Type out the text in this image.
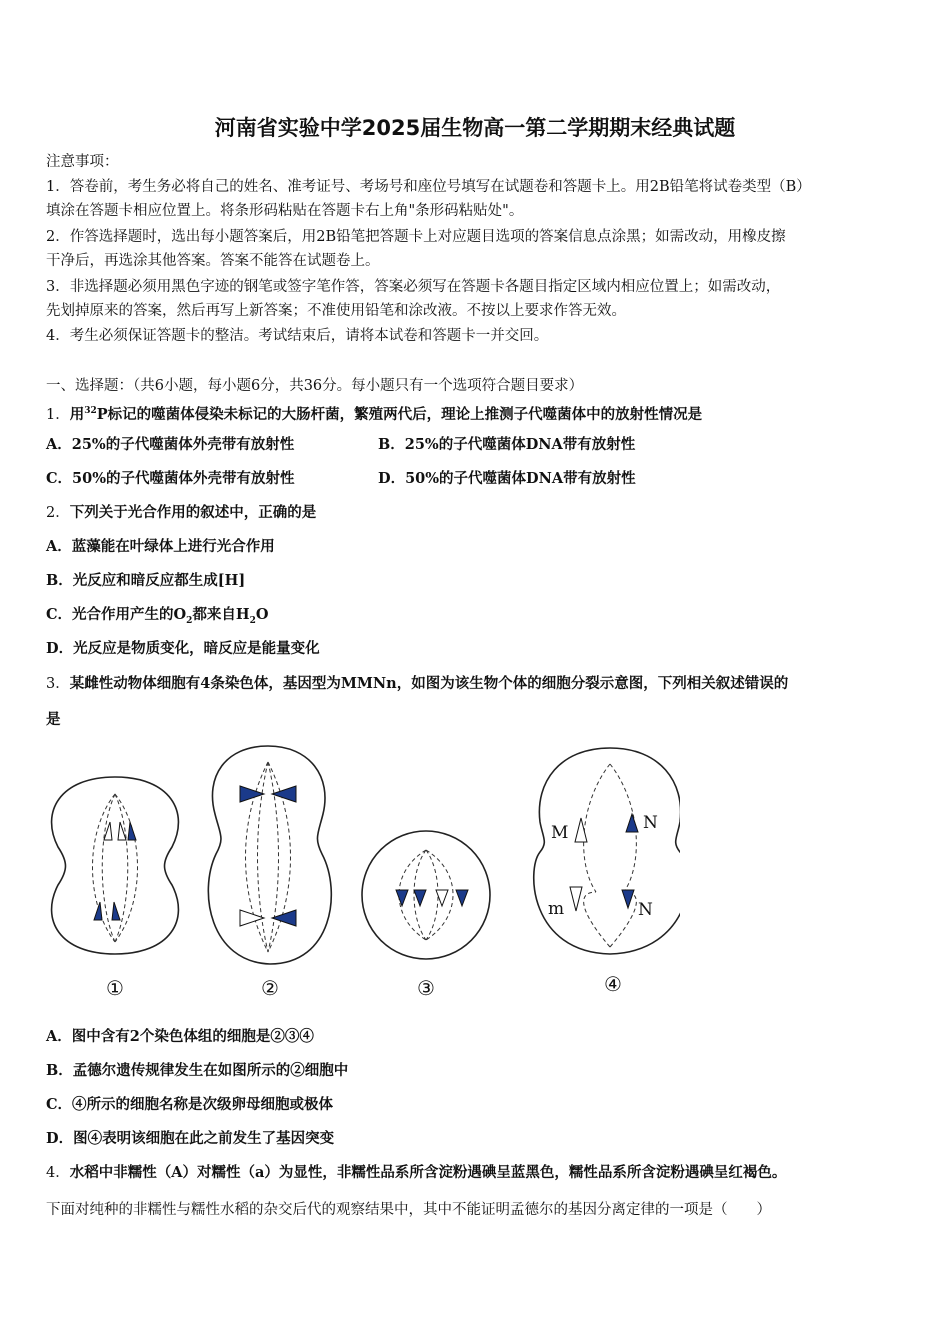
河南省实验中学2025届生物高一第二学期期末经典试题
注意事项：
1．答卷前，考生务必将自己的姓名、准考证号、考场号和座位号填写在试题卷和答题卡上。用2B铅笔将试卷类型（B）
填涂在答题卡相应位置上。将条形码粘贴在答题卡右上角"条形码粘贴处"。
2．作答选择题时，选出每小题答案后，用2B铅笔把答题卡上对应题目选项的答案信息点涂黑；如需改动，用橡皮擦
干净后，再选涂其他答案。答案不能答在试题卷上。
3．非选择题必须用黑色字迹的钢笔或签字笔作答，答案必须写在答题卡各题目指定区域内相应位置上；如需改动，
先划掉原来的答案，然后再写上新答案；不准使用铅笔和涂改液。不按以上要求作答无效。
4．考生必须保证答题卡的整洁。考试结束后，请将本试卷和答题卡一并交回。
一、选择题：（共6小题，每小题6分，共36分。每小题只有一个选项符合题目要求）
1．用$^{32}$P标记的噬菌体侵染未标记的大肠杆菌，繁殖两代后，理论上推测子代噬菌体中的放射性情况是
A．25%的子代噬菌体外壳带有放射性	B．25%的子代噬菌体DNA带有放射性
C．50%的子代噬菌体外壳带有放射性	D．50%的子代噬菌体DNA带有放射性
2．下列关于光合作用的叙述中，正确的是
A．蓝藻能在叶绿体上进行光合作用
B．光反应和暗反应都生成[H]
C．光合作用产生的$O_2$都来自$H_2O$
D．光反应是物质变化，暗反应是能量变化
3．某雌性动物体细胞有4条染色体，基因型为MMNn，如图为该生物个体的细胞分裂示意图，下列相关叙述错误的
是
M	N
m	N
①	②	③	④
A．图中含有2个染色体组的细胞是②③④
B．孟德尔遗传规律发生在如图所示的②细胞中
C．④所示的细胞名称是次级卵母细胞或极体
D．图④表明该细胞在此之前发生了基因突变
4．水稻中非糯性（A）对糯性（a）为显性，非糯性品系所含淀粉遇碘呈蓝黑色，糯性品系所含淀粉遇碘呈红褐色。
下面对纯种的非糯性与糯性水稻的杂交后代的观察结果中，其中不能证明孟德尔的基因分离定律的一项是（　　）
